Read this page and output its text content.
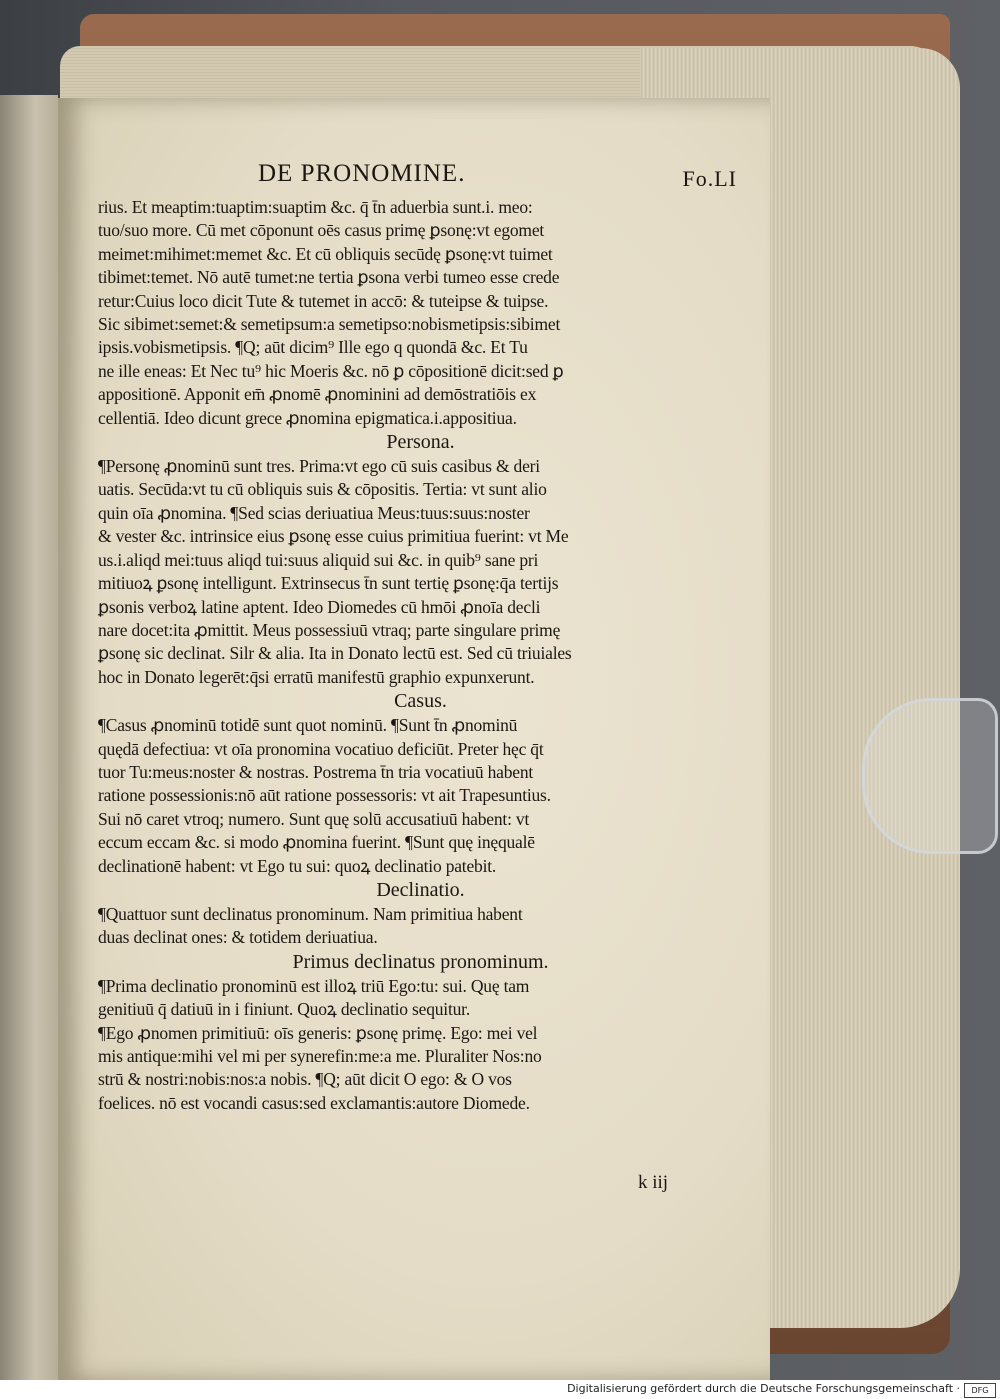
DE PRONOMINE.	Fo.LI
rius. Et meaptim:tuaptim:suaptim &c. q̄ t̄n aduerbia sunt.i. meo:
tuo/suo more. Cū met cōponunt oēs casus primę ꝑsonę:vt egomet
meimet:mihimet:memet &c. Et cū obliquis secūdę ꝑsonę:vt tuimet
tibimet:temet. Nō autē tumet:ne tertia ꝑsona verbi tumeo esse crede
retur:Cuius loco dicit Tute & tutemet in accō: & tuteipse & tuipse.
Sic sibimet:semet:& semetipsum:a semetipso:nobismetipsis:sibimet
ipsis.vobismetipsis. ¶Q; aūt dicim⁹ Ille ego q quondā &c. Et Tu
ne ille eneas: Et Nec tu⁹ hic Moeris &c. nō ꝑ cōpositionē dicit:sed ꝑ
appositionē. Apponit em̄ ꝓnomē ꝓnominini ad demōstratiōis ex
cellentiā. Ideo dicunt grece ꝓnomina epigmatica.i.appositiua.
Persona.
¶Personę ꝓnominū sunt tres. Prima:vt ego cū suis casibus & deri
uatis. Secūda:vt tu cū obliquis suis & cōpositis. Tertia: vt sunt alio
quin oīa ꝓnomina. ¶Sed scias deriuatiua Meus:tuus:suus:noster
& vester &c. intrinsice eius ꝑsonę esse cuius primitiua fuerint: vt Me
us.i.aliqd mei:tuus aliqd tui:suus aliquid sui &c. in quib⁹ sane pri
mitiuoꝝ ꝑsonę intelligunt. Extrinsecus t̄n sunt tertię ꝑsonę:q̄a tertijs
ꝑsonis verboꝝ latine aptent. Ideo Diomedes cū hmōi ꝓnoīa decli
nare docet:ita ꝓmittit. Meus possessiuū vtraq; parte singulare primę
ꝑsonę sic declinat. Silr & alia. Ita in Donato lectū est. Sed cū triuiales
hoc in Donato legerēt:q̄si erratū manifestū graphio expunxerunt.
Casus.
¶Casus ꝓnominū totidē sunt quot nominū. ¶Sunt t̄n ꝓnominū
quędā defectiua: vt oīa pronomina vocatiuo deficiūt. Preter hęc q̄t
tuor Tu:meus:noster & nostras. Postrema t̄n tria vocatiuū habent
ratione possessionis:nō aūt ratione possessoris: vt ait Trapesuntius.
Sui nō caret vtroq; numero. Sunt quę solū accusatiuū habent: vt
eccum eccam &c. si modo ꝓnomina fuerint. ¶Sunt quę inęqualē
declinationē habent: vt Ego tu sui: quoꝝ declinatio patebit.
Declinatio.
¶Quattuor sunt declinatus pronominum. Nam primitiua habent
duas declinat ones: & totidem deriuatiua.
Primus declinatus pronominum.
¶Prima declinatio pronominū est illoꝝ triū Ego:tu: sui. Quę tam
genitiuū q̄ datiuū in i finiunt. Quoꝝ declinatio sequitur.
¶Ego ꝓnomen primitiuū: oīs generis: ꝑsonę primę. Ego: mei vel
mis antique:mihi vel mi per synerefin:me:a me. Pluraliter Nos:no
strū & nostri:nobis:nos:a nobis. ¶Q; aūt dicit O ego: & O vos
foelices. nō est vocandi casus:sed exclamantis:autore Diomede.
k iij
Digitalisierung gefördert durch die Deutsche Forschungsgemeinschaft ·	DFG
